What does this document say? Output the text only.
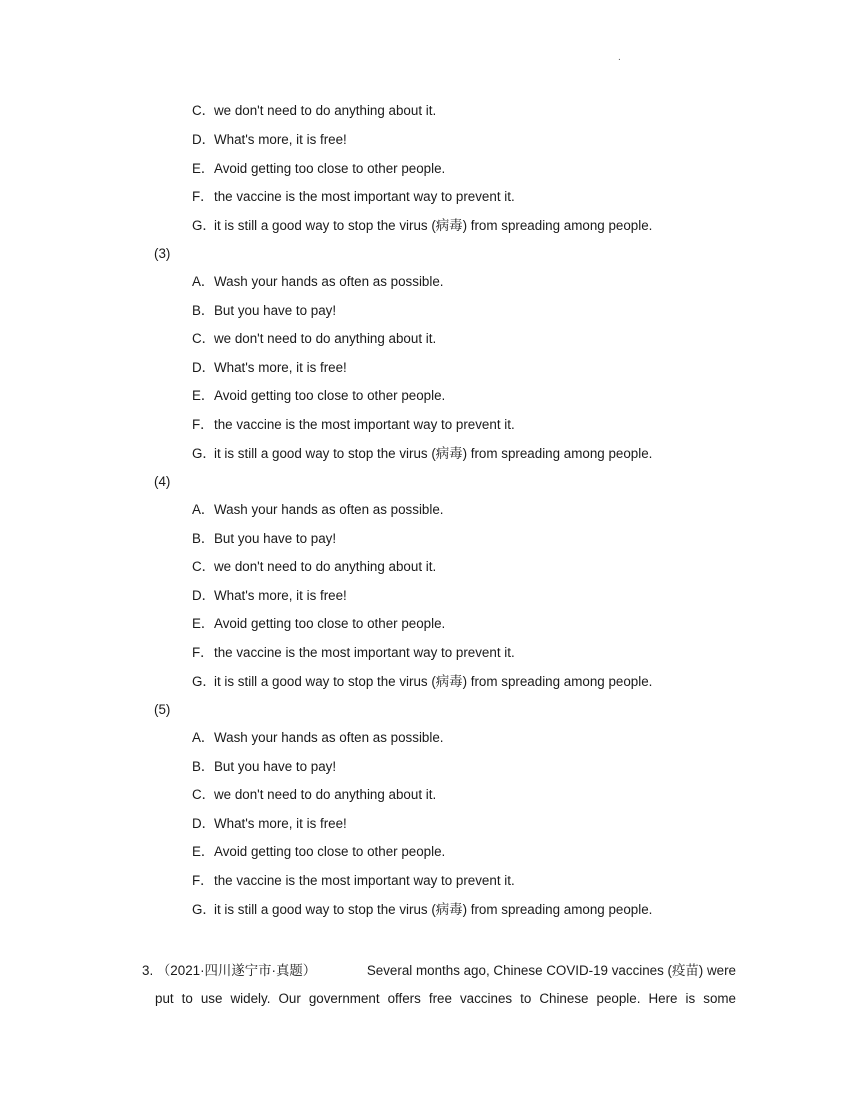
.
C．we don't need to do anything about it.
D．What's more, it is free!
E．Avoid getting too close to other people.
F．the vaccine is the most important way to prevent it.
G．it is still a good way to stop the virus (病毒) from spreading among people.
(3)
A．Wash your hands as often as possible.
B．But you have to pay!
C．we don't need to do anything about it.
D．What's more, it is free!
E．Avoid getting too close to other people.
F．the vaccine is the most important way to prevent it.
G．it is still a good way to stop the virus (病毒) from spreading among people.
(4)
A．Wash your hands as often as possible.
B．But you have to pay!
C．we don't need to do anything about it.
D．What's more, it is free!
E．Avoid getting too close to other people.
F．the vaccine is the most important way to prevent it.
G．it is still a good way to stop the virus (病毒) from spreading among people.
(5)
A．Wash your hands as often as possible.
B．But you have to pay!
C．we don't need to do anything about it.
D．What's more, it is free!
E．Avoid getting too close to other people.
F．the vaccine is the most important way to prevent it.
G．it is still a good way to stop the virus (病毒) from spreading among people.
3. （2021·四川遂宁市·真题）	Several months ago, Chinese COVID-19 vaccines (疫苗) were
put to use widely. Our government offers free vaccines to Chinese people. Here is some
